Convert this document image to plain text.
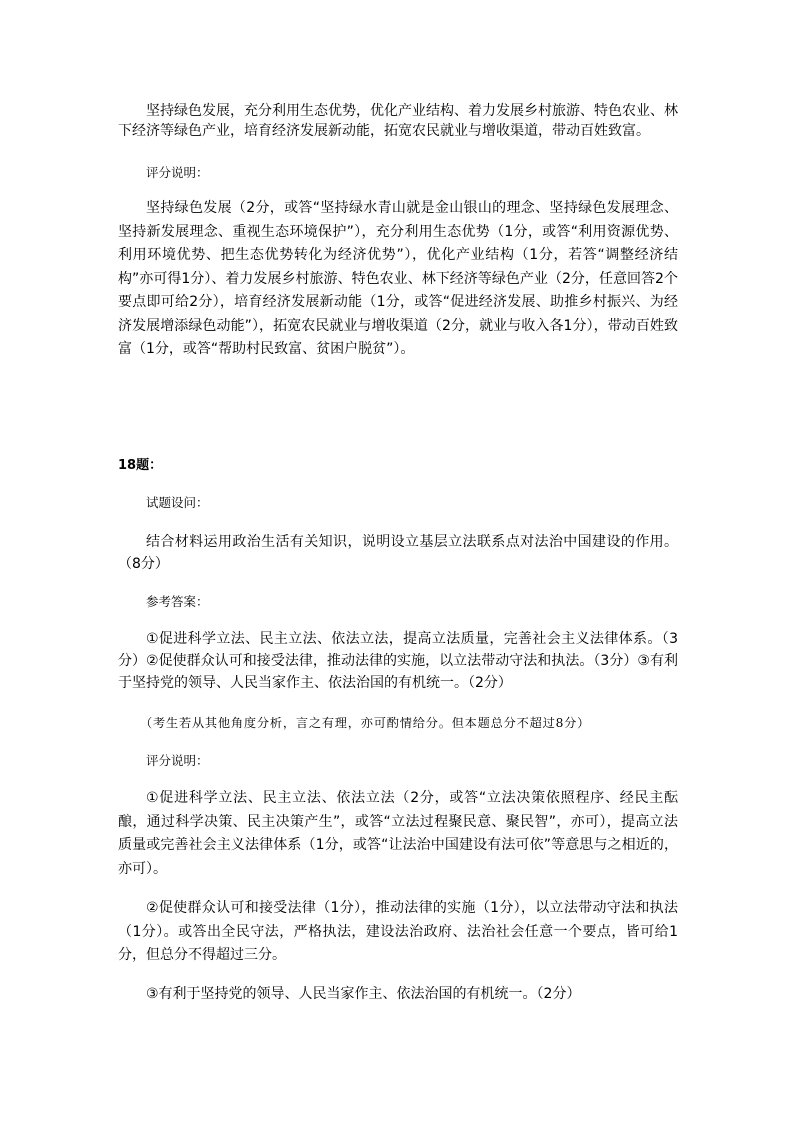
坚持绿色发展，充分利用生态优势，优化产业结构、着力发展乡村旅游、特色农业、林下经济等绿色产业，培育经济发展新动能，拓宽农民就业与增收渠道，带动百姓致富。

评分说明：

坚持绿色发展（2分，或答“坚持绿水青山就是金山银山的理念、坚持绿色发展理念、坚持新发展理念、重视生态环境保护”），充分利用生态优势（1分，或答“利用资源优势、利用环境优势、把生态优势转化为经济优势”），优化产业结构（1分，若答“调整经济结构”亦可得1分）、着力发展乡村旅游、特色农业、林下经济等绿色产业（2分，任意回答2个要点即可给2分），培育经济发展新动能（1分，或答“促进经济发展、助推乡村振兴、为经济发展增添绿色动能”），拓宽农民就业与增收渠道（2分，就业与收入各1分），带动百姓致富（1分，或答“帮助村民致富、贫困户脱贫”）。

18题：

试题设问：

结合材料运用政治生活有关知识，说明设立基层立法联系点对法治中国建设的作用。（8分）

参考答案：

①促进科学立法、民主立法、依法立法，提高立法质量，完善社会主义法律体系。（3分）②促使群众认可和接受法律，推动法律的实施，以立法带动守法和执法。（3分）③有利于坚持党的领导、人民当家作主、依法治国的有机统一。（2分）

（考生若从其他角度分析，言之有理，亦可酌情给分。但本题总分不超过8分）

评分说明：

①促进科学立法、民主立法、依法立法（2分，或答“立法决策依照程序、经民主酝酿，通过科学决策、民主决策产生”，或答“立法过程聚民意、聚民智”，亦可），提高立法质量或完善社会主义法律体系（1分，或答“让法治中国建设有法可依”等意思与之相近的，亦可）。

②促使群众认可和接受法律（1分），推动法律的实施（1分），以立法带动守法和执法（1分）。或答出全民守法，严格执法，建设法治政府、法治社会任意一个要点，皆可给1分，但总分不得超过三分。

③有利于坚持党的领导、人民当家作主、依法治国的有机统一。（2分）
